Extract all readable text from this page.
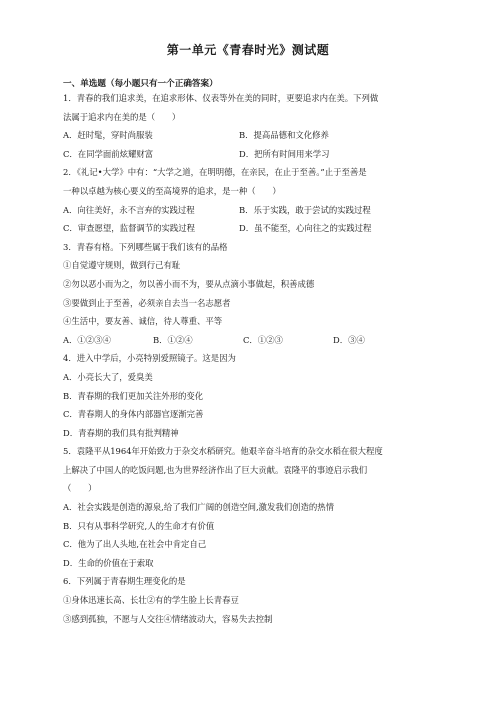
第一单元《青春时光》测试题
一、单选题（每小题只有一个正确答案）
1．青春的我们追求美，在追求形体、仪表等外在美的同时，更要追求内在美。下列做
法属于追求内在美的是（　　）
A．赶时髦，穿时尚服装	B．提高品德和文化修养
C．在同学面前炫耀财富	D．把所有时间用来学习
2．《礼记•大学》中有：“大学之道，在明明德，在亲民，在止于至善。”止于至善是
一种以卓越为核心要义的至高境界的追求，是一种（　　）
A．向往美好，永不言弃的实践过程	B．乐于实践，敢于尝试的实践过程
C．审查愿望，监督调节的实践过程	D．虽不能至，心向往之的实践过程
3．青春有格。下列哪些属于我们该有的品格
①自觉遵守规则，做到行己有耻
②勿以恶小而为之，勿以善小而不为，要从点滴小事做起，积善成德
③要做到止于至善，必须亲自去当一名志愿者
④生活中，要友善、诚信，待人尊重、平等
A．①②③④	B．①②④	C．①②③	D．③④
4．进入中学后，小亮特别爱照镜子。这是因为
A．小亮长大了，爱臭美
B．青春期的我们更加关注外形的变化
C．青春期人的身体内部器官逐渐完善
D．青春期的我们具有批判精神
5．袁隆平从1964年开始致力于杂交水稻研究。他艰辛奋斗培育的杂交水稻在很大程度
上解决了中国人的吃饭问题,也为世界经济作出了巨大贡献。袁隆平的事迹启示我们
（　　）
A．社会实践是创造的源泉,给了我们广阔的创造空间,激发我们创造的热情
B．只有从事科学研究,人的生命才有价值
C．他为了出人头地,在社会中肯定自己
D．生命的价值在于索取
6．下列属于青春期生理变化的是
①身体迅速长高、长壮②有的学生脸上长青春豆
③感到孤独，不愿与人交往④情绪波动大，容易失去控制
